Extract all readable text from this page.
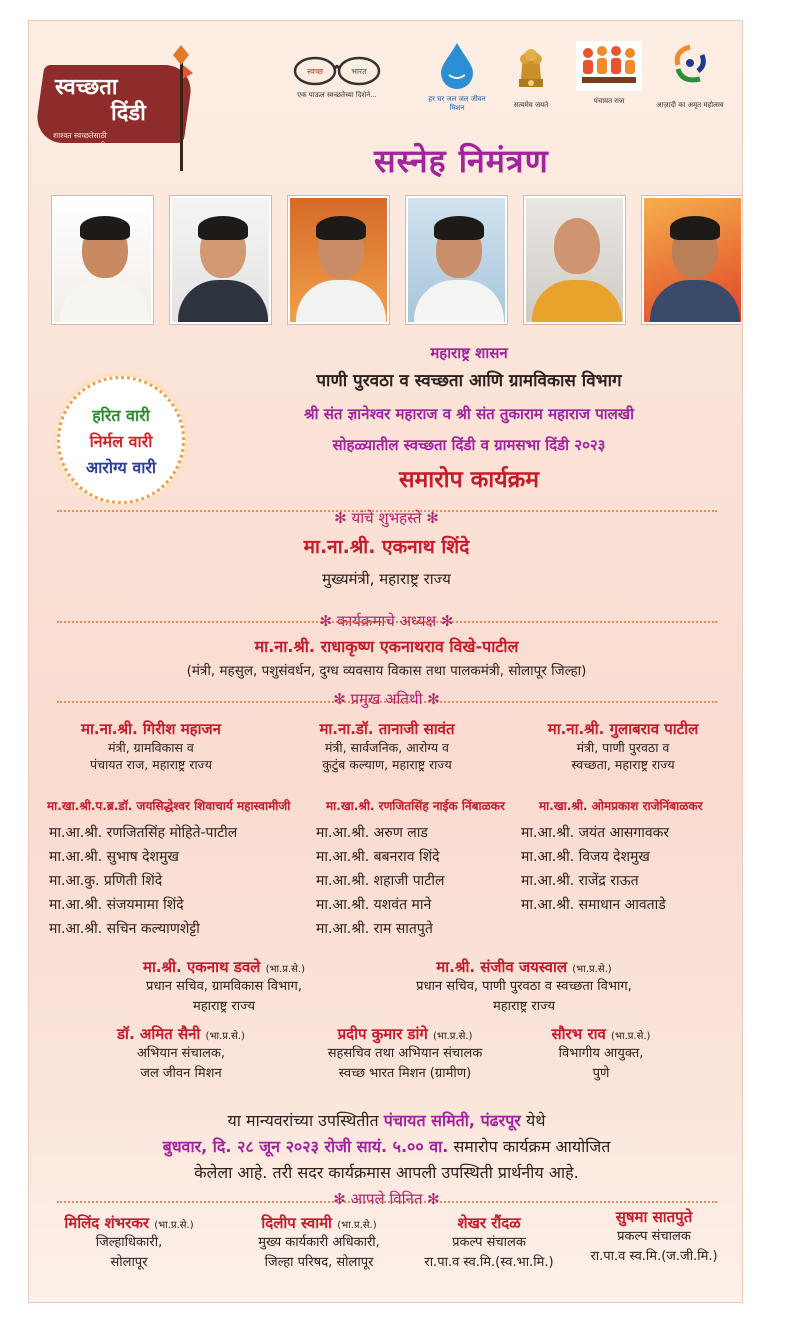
स्वच्छता
दिंडी
शाश्वत स्वच्छतेसाठी
स्वच्छ महाराष्ट्रासाठी
स्वच्छ	भारत
एक पाऊल स्वच्छतेच्या दिशेने...	हर घर जल जल जीवन मिशन	सत्यमेव जयते	पंचायत राज	आज़ादी का अमृत महोत्सव
सस्नेह निमंत्रण
हरित वारी
निर्मल वारी
आरोग्य वारी
महाराष्ट्र शासन
पाणी पुरवठा व स्वच्छता आणि ग्रामविकास विभाग
श्री संत ज्ञानेश्वर महाराज व श्री संत तुकाराम महाराज पालखी
सोहळ्यातील स्वच्छता दिंडी व ग्रामसभा दिंडी २०२३
समारोप कार्यक्रम
✻ यांचे शुभहस्ते ✻
मा.ना.श्री. एकनाथ शिंदे
मुख्यमंत्री, महाराष्ट्र राज्य
✻ कार्यक्रमाचे अध्यक्ष ✻
मा.ना.श्री. राधाकृष्ण एकनाथराव विखे-पाटील
(मंत्री, महसुल, पशुसंवर्धन, दुग्ध व्यवसाय विकास तथा पालकमंत्री, सोलापूर जिल्हा)
✻ प्रमुख अतिथी ✻
मा.ना.श्री. गिरीश महाजन
मंत्री, ग्रामविकास व
पंचायत राज, महाराष्ट्र राज्य
मा.ना.डॉ. तानाजी सावंत
मंत्री, सार्वजनिक, आरोग्य व
कुटुंब कल्याण, महाराष्ट्र राज्य
मा.ना.श्री. गुलाबराव पाटील
मंत्री, पाणी पुरवठा व
स्वच्छता, महाराष्ट्र राज्य
मा.खा.श्री.प.ब्र.डॉ. जयसिद्धेश्वर शिवाचार्य महास्वामीजी	मा.खा.श्री. रणजितसिंह नाईक निंबाळकर	मा.खा.श्री. ओमप्रकाश राजेनिंबाळकर
मा.आ.श्री. रणजितसिंह मोहिते-पाटील
मा.आ.श्री. सुभाष देशमुख
मा.आ.कु. प्रणिती शिंदे
मा.आ.श्री. संजयमामा शिंदे
मा.आ.श्री. सचिन कल्याणशेट्टी
मा.आ.श्री. अरुण लाड
मा.आ.श्री. बबनराव शिंदे
मा.आ.श्री. शहाजी पाटील
मा.आ.श्री. यशवंत माने
मा.आ.श्री. राम सातपुते
मा.आ.श्री. जयंत आसगावकर
मा.आ.श्री. विजय देशमुख
मा.आ.श्री. राजेंद्र राऊत
मा.आ.श्री. समाधान आवताडे
मा.श्री. एकनाथ डवले (भा.प्र.से.)
प्रधान सचिव, ग्रामविकास विभाग,
महाराष्ट्र राज्य
मा.श्री. संजीव जयस्वाल (भा.प्र.से.)
प्रधान सचिव, पाणी पुरवठा व स्वच्छता विभाग,
महाराष्ट्र राज्य
डॉ. अमित सैनी (भा.प्र.से.)
अभियान संचालक,
जल जीवन मिशन
प्रदीप कुमार डांगे (भा.प्र.से.)
सहसचिव तथा अभियान संचालक
स्वच्छ भारत मिशन (ग्रामीण)
सौरभ राव (भा.प्र.से.)
विभागीय आयुक्त,
पुणे
या मान्यवरांच्या उपस्थितीत पंचायत समिती, पंढरपूर येथे
बुधवार, दि. २८ जून २०२३ रोजी सायं. ५.०० वा. समारोप कार्यक्रम आयोजित
केलेला आहे. तरी सदर कार्यक्रमास आपली उपस्थिती प्रार्थनीय आहे.
✻ आपले विनित ✻
मिलिंद शंभरकर (भा.प्र.से.)
जिल्हाधिकारी,
सोलापूर
दिलीप स्वामी (भा.प्र.से.)
मुख्य कार्यकारी अधिकारी,
जिल्हा परिषद, सोलापूर
शेखर रौंदळ
प्रकल्प संचालक
रा.पा.व स्व.मि.(स्व.भा.मि.)
सुषमा सातपुते
प्रकल्प संचालक
रा.पा.व स्व.मि.(ज.जी.मि.)
